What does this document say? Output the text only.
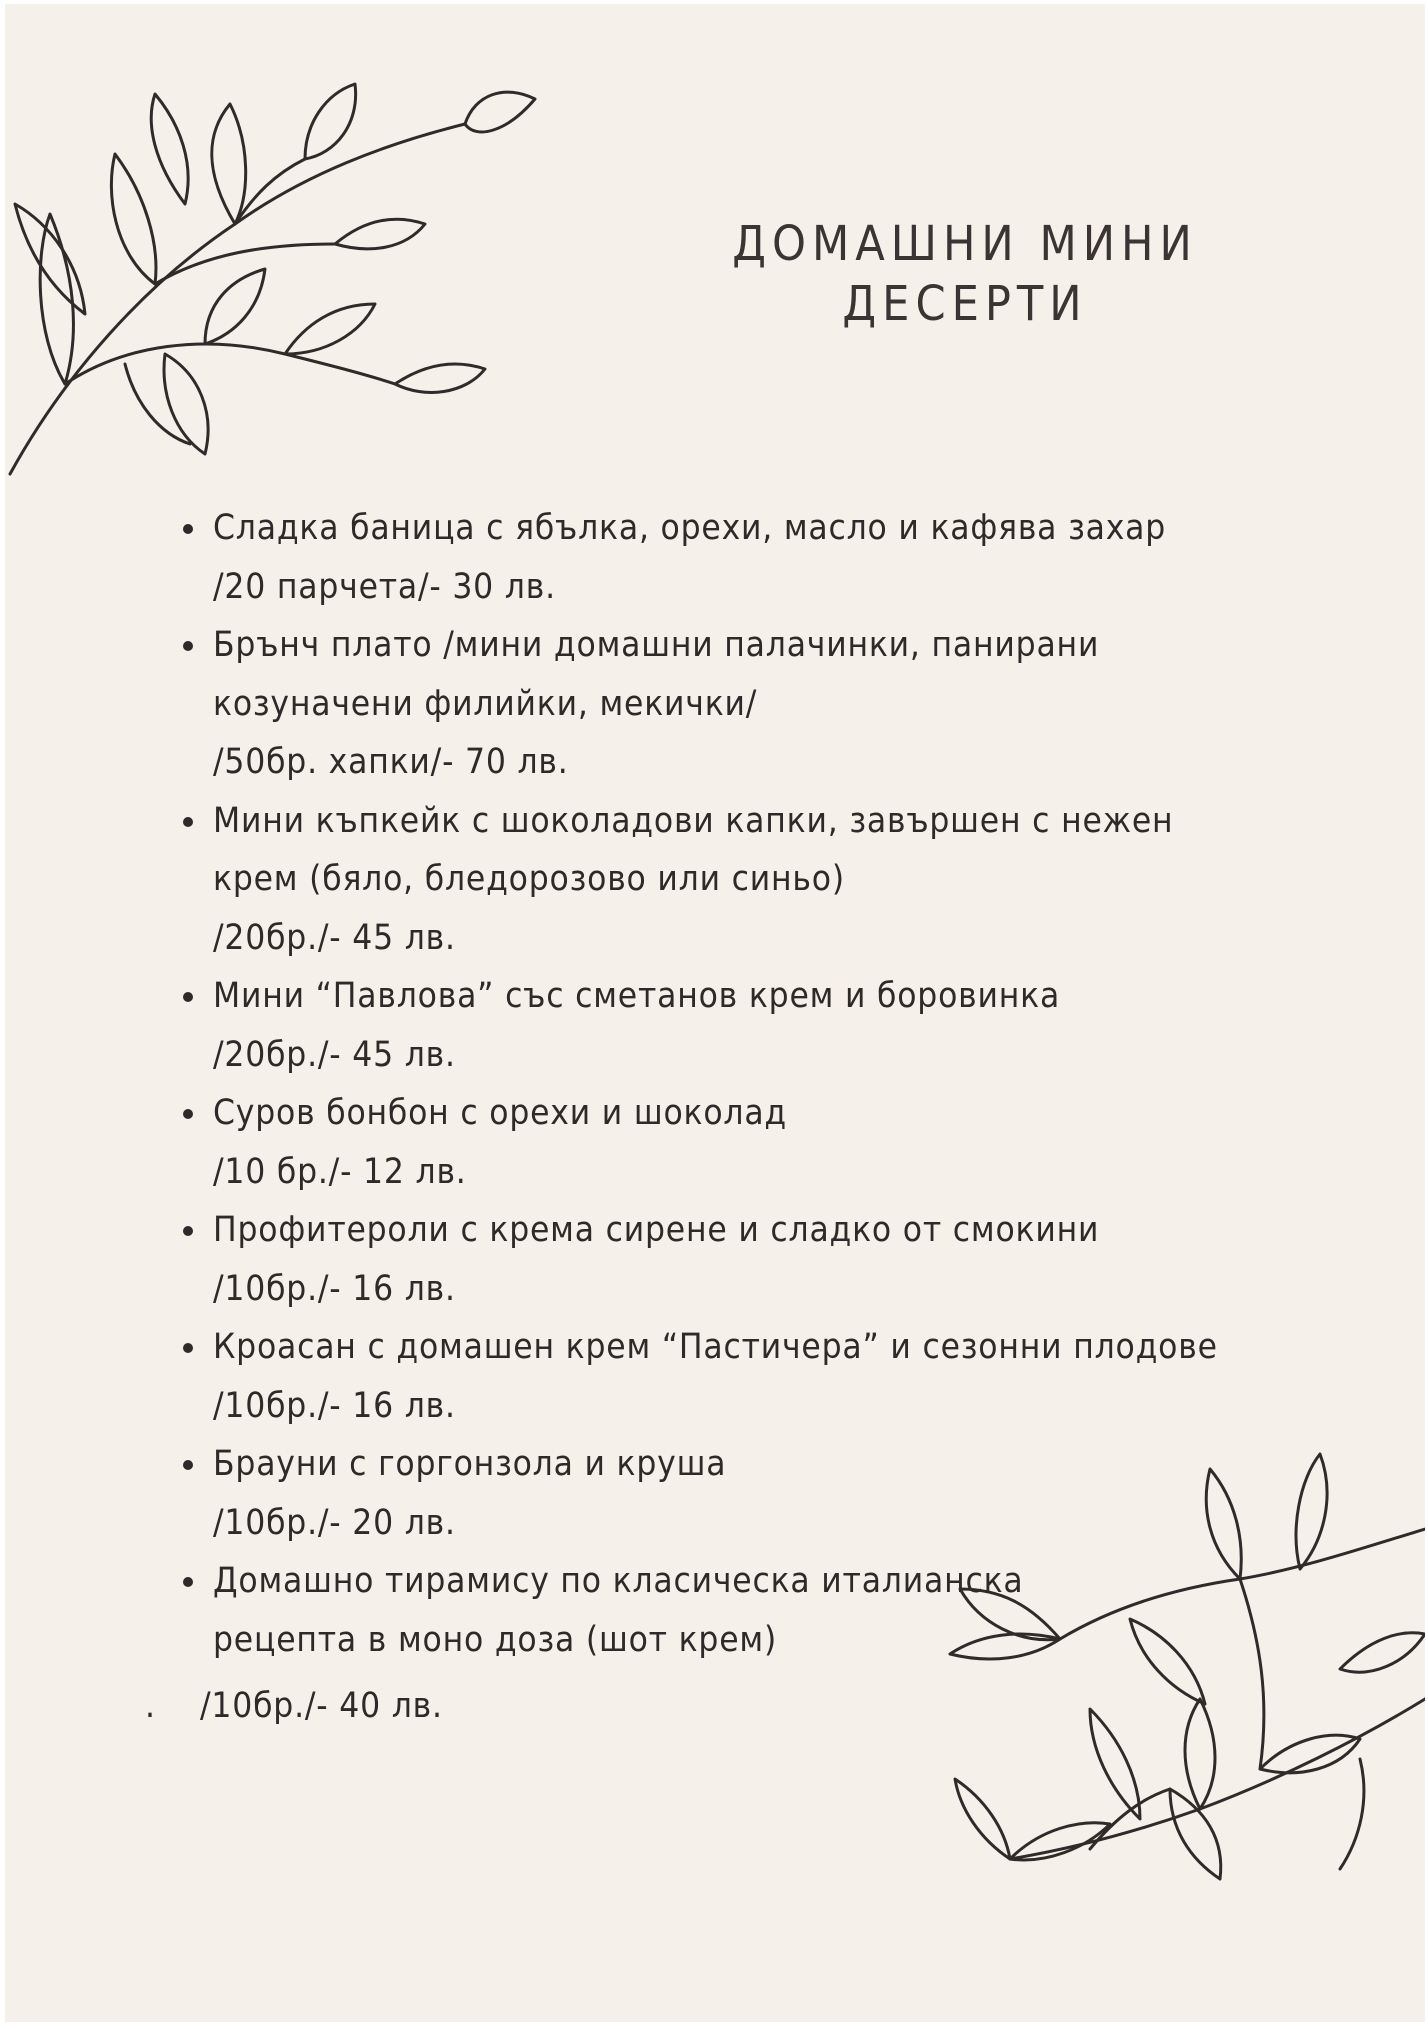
ДОМАШНИ МИНИ
ДЕСЕРТИ
Сладка баница с ябълка, орехи, масло и кафява захар
/20 парчета/- 30 лв.
Брънч плато /мини домашни палачинки, панирани
козуначени филийки, мекички/
/50бр. хапки/- 70 лв.
Мини къпкейк с шоколадови капки, завършен с нежен
крем (бяло, бледорозово или синьо)
/20бр./- 45 лв.
Мини “Павлова” със сметанов крем и боровинка
/20бр./- 45 лв.
Суров бонбон с орехи и шоколад
/10 бр./- 12 лв.
Профитероли с крема сирене и сладко от смокини
/10бр./- 16 лв.
Кроасан с домашен крем “Пастичера” и сезонни плодове
/10бр./- 16 лв.
Брауни с горгонзола и круша
/10бр./- 20 лв.
Домашно тирамису по класическа италианска
рецепта в моно доза (шот крем)
. /10бр./- 40 лв.
